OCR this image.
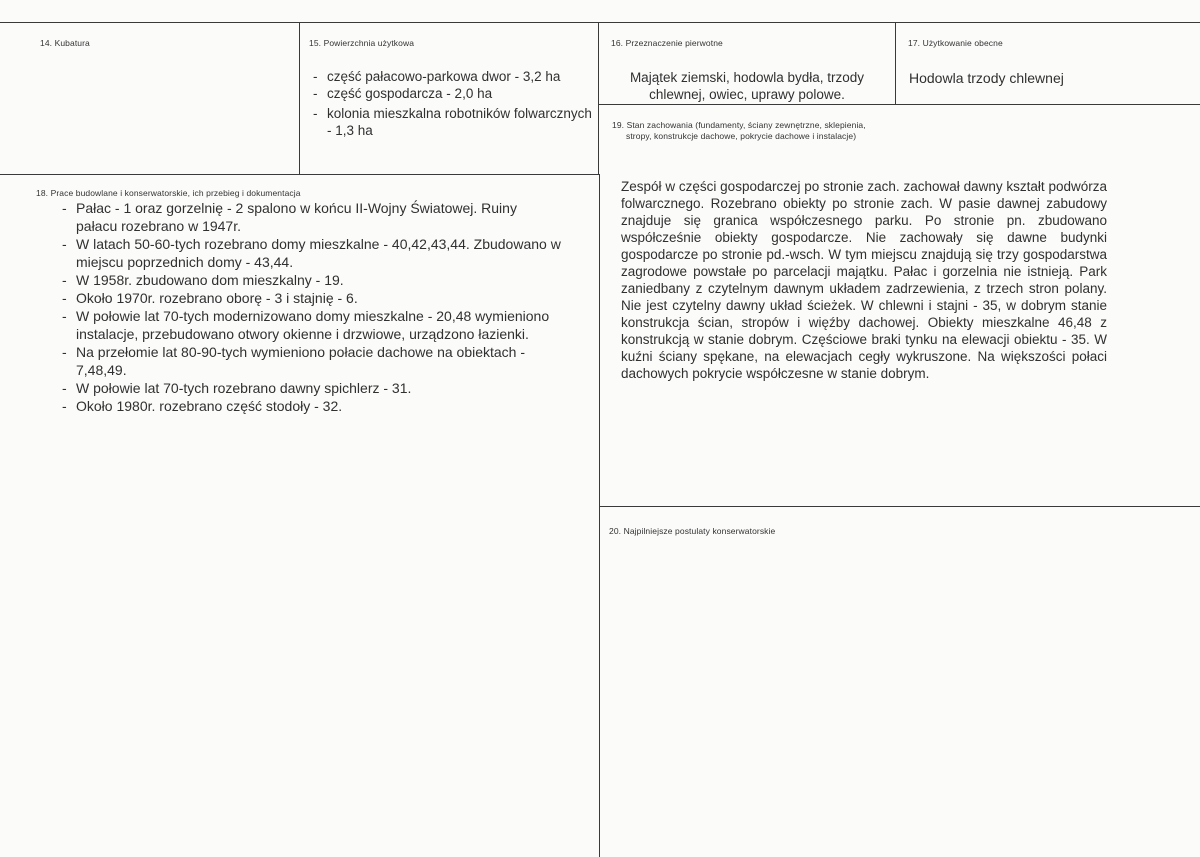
14. Kubatura	15. Powierzchnia użytkowa
- część pałacowo-parkowa dwor - 3,2 ha
- część gospodarcza - 2,0 ha
- kolonia mieszkalna robotników folwarcznych - 1,3 ha
16. Przeznaczenie pierwotne
Majątek ziemski, hodowla bydła, trzody chlewnej, owiec, uprawy polowe.
17. Użytkowanie obecne
Hodowla trzody chlewnej
19. Stan zachowania (fundamenty, ściany zewnętrzne, sklepienia,
stropy, konstrukcje dachowe, pokrycie dachowe i instalacje)
Zespół w części gospodarczej po stronie zach. zachował dawny kształt podwórza folwarcznego. Rozebrano obiekty po stronie zach. W pasie dawnej zabudowy znajduje się granica współczesnego parku. Po stronie pn. zbudowano współcześnie obiekty gospodarcze. Nie zachowały się dawne budynki gospodarcze po stronie pd.-wsch. W tym miejscu znajdują się trzy gospodarstwa zagrodowe powstałe po parcelacji majątku. Pałac i gorzelnia nie istnieją. Park zaniedbany z czytelnym dawnym układem zadrzewienia, z trzech stron polany. Nie jest czytelny dawny układ ścieżek. W chlewni i stajni - 35, w dobrym stanie konstrukcja ścian, stropów i więźby dachowej. Obiekty mieszkalne 46,48 z konstrukcją w stanie dobrym. Częściowe braki tynku na elewacji obiektu - 35. W kuźni ściany spękane, na elewacjach cegły wykruszone. Na większości połaci dachowych pokrycie współczesne w stanie dobrym.
18. Prace budowlane i konserwatorskie, ich przebieg i dokumentacja
- Pałac - 1 oraz gorzelnię - 2 spalono w końcu II-Wojny Światowej. Ruiny pałacu rozebrano w 1947r.
- W latach 50-60-tych rozebrano domy mieszkalne - 40,42,43,44. Zbudowano w miejscu poprzednich domy - 43,44.
- W 1958r. zbudowano dom mieszkalny - 19.
- Około 1970r. rozebrano oborę - 3 i stajnię - 6.
- W połowie lat 70-tych modernizowano domy mieszkalne - 20,48 wymieniono instalacje, przebudowano otwory okienne i drzwiowe, urządzono łazienki.
- Na przełomie lat 80-90-tych wymieniono połacie dachowe na obiektach - 7,48,49.
- W połowie lat 70-tych rozebrano dawny spichlerz - 31.
- Około 1980r. rozebrano część stodoły - 32.
20. Najpilniejsze postulaty konserwatorskie
